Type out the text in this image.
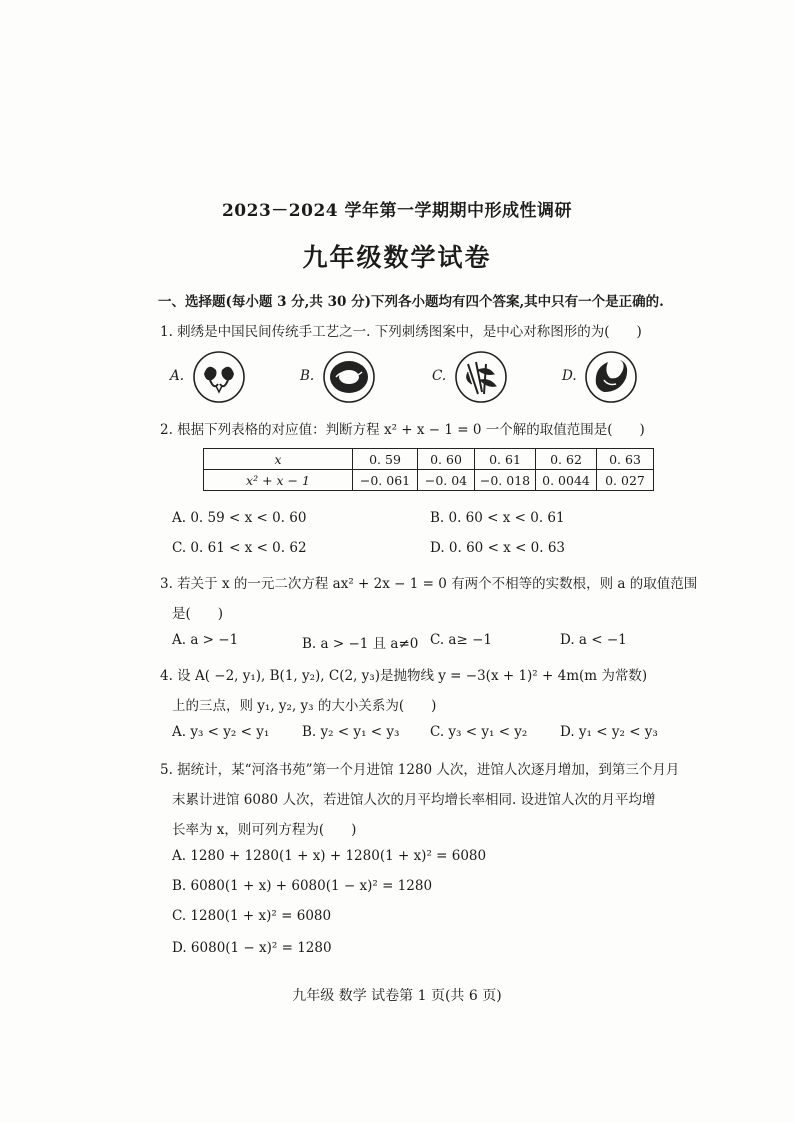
2023－2024 学年第一学期期中形成性调研
九年级数学试卷
一、选择题(每小题 3 分,共 30 分)下列各小题均有四个答案,其中只有一个是正确的.
1. 刺绣是中国民间传统手工艺之一. 下列刺绣图案中，是中心对称图形的为(　　)
A.	B.	C.	D.
2. 根据下列表格的对应值：判断方程 x² + x − 1 = 0 一个解的取值范围是(　　)
x	0. 59	0. 60	0. 61	0. 62	0. 63
x² + x − 1	−0. 061	−0. 04	−0. 018	0. 0044	0. 027
A. 0. 59 < x < 0. 60	B. 0. 60 < x < 0. 61
C. 0. 61 < x < 0. 62	D. 0. 60 < x < 0. 63
3. 若关于 x 的一元二次方程 ax² + 2x − 1 = 0 有两个不相等的实数根，则 a 的取值范围
是(　　)
A. a > −1	B. a > −1 且 a≠0 C. a≥ −1	D. a < −1
4. 设 A( −2, y₁), B(1, y₂), C(2, y₃)是抛物线 y = −3(x + 1)² + 4m(m 为常数)
上的三点，则 y₁, y₂, y₃ 的大小关系为(　　)
A. y₃ < y₂ < y₁ B. y₂ < y₁ < y₃ C. y₃ < y₁ < y₂ D. y₁ < y₂ < y₃
5. 据统计，某“河洛书苑”第一个月进馆 1280 人次，进馆人次逐月增加，到第三个月月
末累计进馆 6080 人次，若进馆人次的月平均增长率相同. 设进馆人次的月平均增
长率为 x，则可列方程为(　　)
A. 1280 + 1280(1 + x) + 1280(1 + x)² = 6080
B. 6080(1 + x) + 6080(1 − x)² = 1280
C. 1280(1 + x)² = 6080
D. 6080(1 − x)² = 1280
九年级 数学 试卷第 1 页(共 6 页)
